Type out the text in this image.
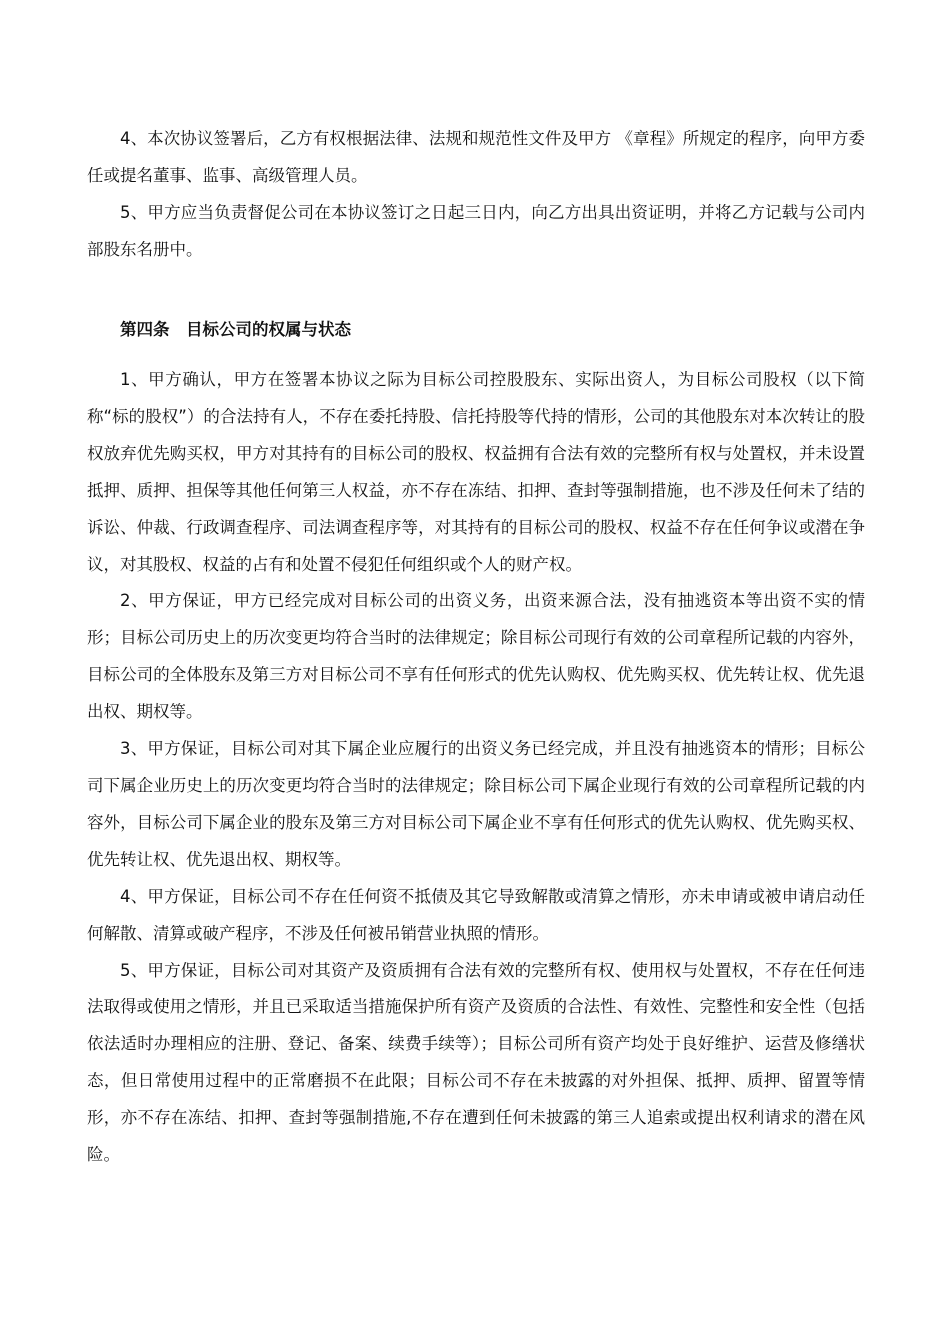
4、本次协议签署后，乙方有权根据法律、法规和规范性文件及甲方 《章程》所规定的程序，向甲方委任或提名董事、监事、高级管理人员。

5、甲方应当负责督促公司在本协议签订之日起三日内，向乙方出具出资证明，并将乙方记载与公司内部股东名册中。

第四条　目标公司的权属与状态

1、甲方确认，甲方在签署本协议之际为目标公司控股股东、实际出资人，为目标公司股权（以下简称“标的股权”）的合法持有人，不存在委托持股、信托持股等代持的情形，公司的其他股东对本次转让的股权放弃优先购买权，甲方对其持有的目标公司的股权、权益拥有合法有效的完整所有权与处置权，并未设置抵押、质押、担保等其他任何第三人权益，亦不存在冻结、扣押、查封等强制措施，也不涉及任何未了结的诉讼、仲裁、行政调查程序、司法调查程序等，对其持有的目标公司的股权、权益不存在任何争议或潜在争议，对其股权、权益的占有和处置不侵犯任何组织或个人的财产权。

2、甲方保证，甲方已经完成对目标公司的出资义务，出资来源合法，没有抽逃资本等出资不实的情形；目标公司历史上的历次变更均符合当时的法律规定；除目标公司现行有效的公司章程所记载的内容外，目标公司的全体股东及第三方对目标公司不享有任何形式的优先认购权、优先购买权、优先转让权、优先退出权、期权等。

3、甲方保证，目标公司对其下属企业应履行的出资义务已经完成，并且没有抽逃资本的情形；目标公司下属企业历史上的历次变更均符合当时的法律规定；除目标公司下属企业现行有效的公司章程所记载的内容外，目标公司下属企业的股东及第三方对目标公司下属企业不享有任何形式的优先认购权、优先购买权、优先转让权、优先退出权、期权等。

4、甲方保证，目标公司不存在任何资不抵债及其它导致解散或清算之情形，亦未申请或被申请启动任何解散、清算或破产程序，不涉及任何被吊销营业执照的情形。

5、甲方保证，目标公司对其资产及资质拥有合法有效的完整所有权、使用权与处置权，不存在任何违法取得或使用之情形，并且已采取适当措施保护所有资产及资质的合法性、有效性、完整性和安全性（包括依法适时办理相应的注册、登记、备案、续费手续等）；目标公司所有资产均处于良好维护、运营及修缮状态，但日常使用过程中的正常磨损不在此限；目标公司不存在未披露的对外担保、抵押、质押、留置等情形，亦不存在冻结、扣押、查封等强制措施,不存在遭到任何未披露的第三人追索或提出权利请求的潜在风险。
